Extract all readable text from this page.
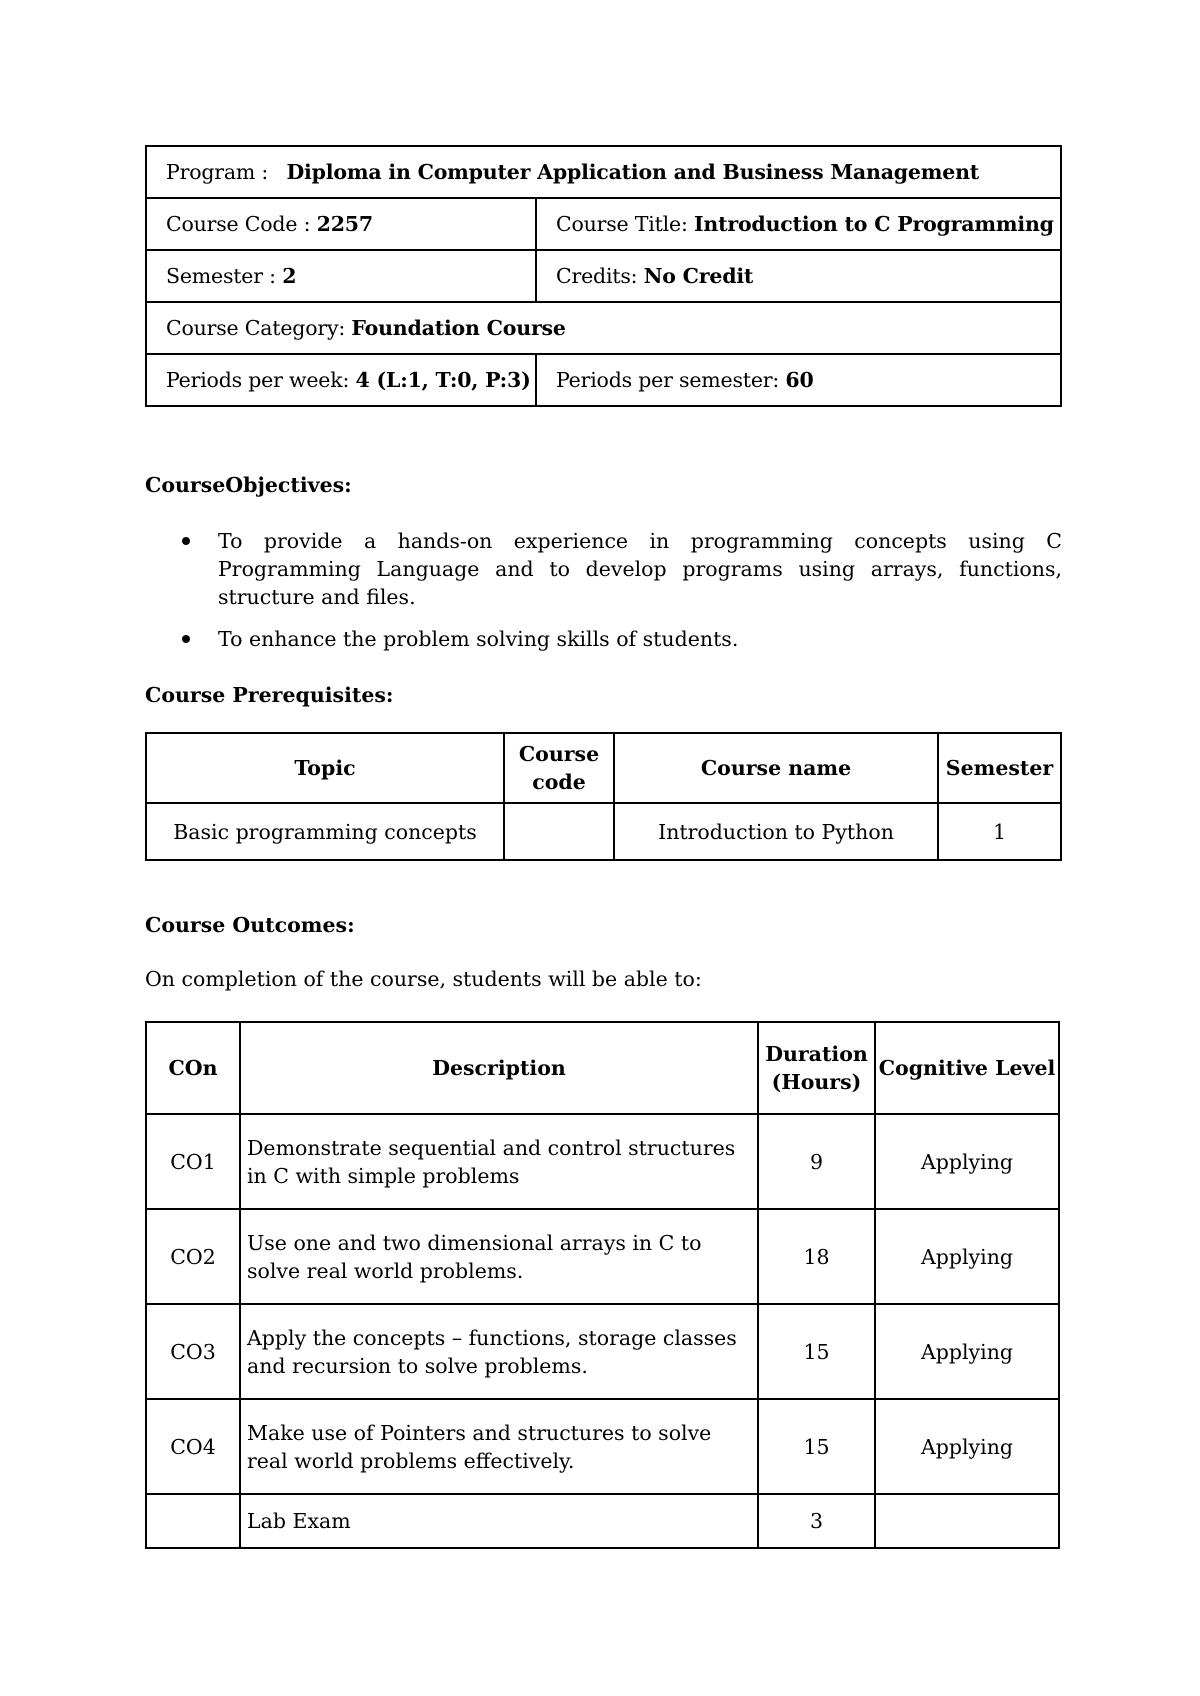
Program : Diploma in Computer Application and Business Management	
Course Code : 2257	Course Title: Introduction to C Programming
Semester : 2	Credits: No Credit
Course Category: Foundation Course	
Periods per week: 4 (L:1, T:0, P:3)	Periods per semester: 60
CourseObjectives:
To provide a hands-on experience in programming concepts using C Programming Language and to develop programs using arrays, functions, structure and files.
To enhance the problem solving skills of students.
Course Prerequisites:
Topic	Course code	Course name	Semester
Basic programming concepts		Introduction to Python	1
Course Outcomes:
On completion of the course, students will be able to:
COn	Description	Duration (Hours)	Cognitive Level
CO1	Demonstrate sequential and control structures in C with simple problems	9	Applying
CO2	Use one and two dimensional arrays in C to solve real world problems.	18	Applying
CO3	Apply the concepts – functions, storage classes and recursion to solve problems.	15	Applying
CO4	Make use of Pointers and structures to solve real world problems effectively.	15	Applying
	Lab Exam	3	
